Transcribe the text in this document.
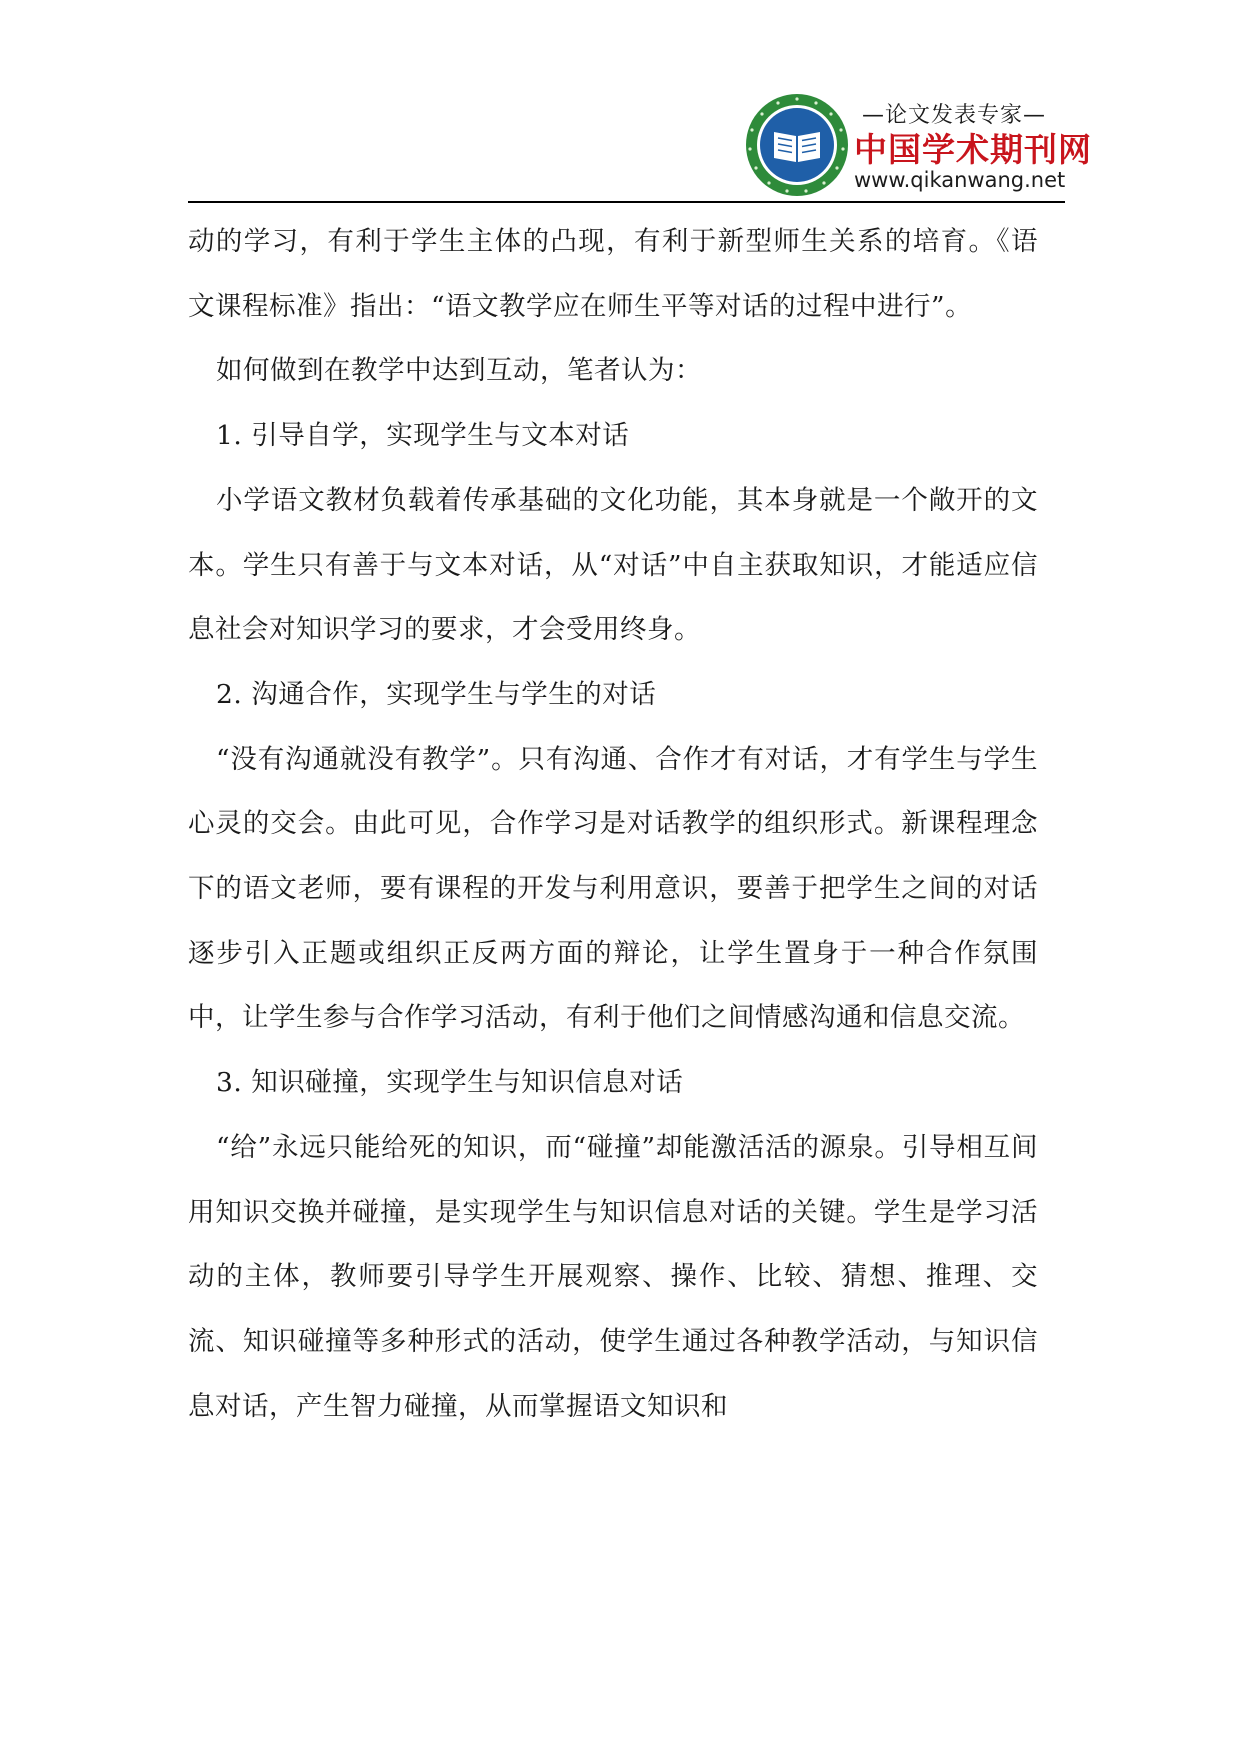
—论文发表专家—
中国学术期刊网
www.qikanwang.net

动的学习，有利于学生主体的凸现，有利于新型师生关系的培育。《语文课程标准》指出：“语文教学应在师生平等对话的过程中进行”。

如何做到在教学中达到互动，笔者认为：

1. 引导自学，实现学生与文本对话

小学语文教材负载着传承基础的文化功能，其本身就是一个敞开的文本。学生只有善于与文本对话，从“对话”中自主获取知识，才能适应信息社会对知识学习的要求，才会受用终身。

2. 沟通合作，实现学生与学生的对话

“没有沟通就没有教学”。只有沟通、合作才有对话，才有学生与学生心灵的交会。由此可见，合作学习是对话教学的组织形式。新课程理念下的语文老师，要有课程的开发与利用意识，要善于把学生之间的对话逐步引入正题或组织正反两方面的辩论，让学生置身于一种合作氛围中，让学生参与合作学习活动，有利于他们之间情感沟通和信息交流。

3. 知识碰撞，实现学生与知识信息对话

“给”永远只能给死的知识，而“碰撞”却能激活活的源泉。引导相互间用知识交换并碰撞，是实现学生与知识信息对话的关键。学生是学习活动的主体，教师要引导学生开展观察、操作、比较、猜想、推理、交流、知识碰撞等多种形式的活动，使学生通过各种教学活动，与知识信息对话，产生智力碰撞，从而掌握语文知识和
